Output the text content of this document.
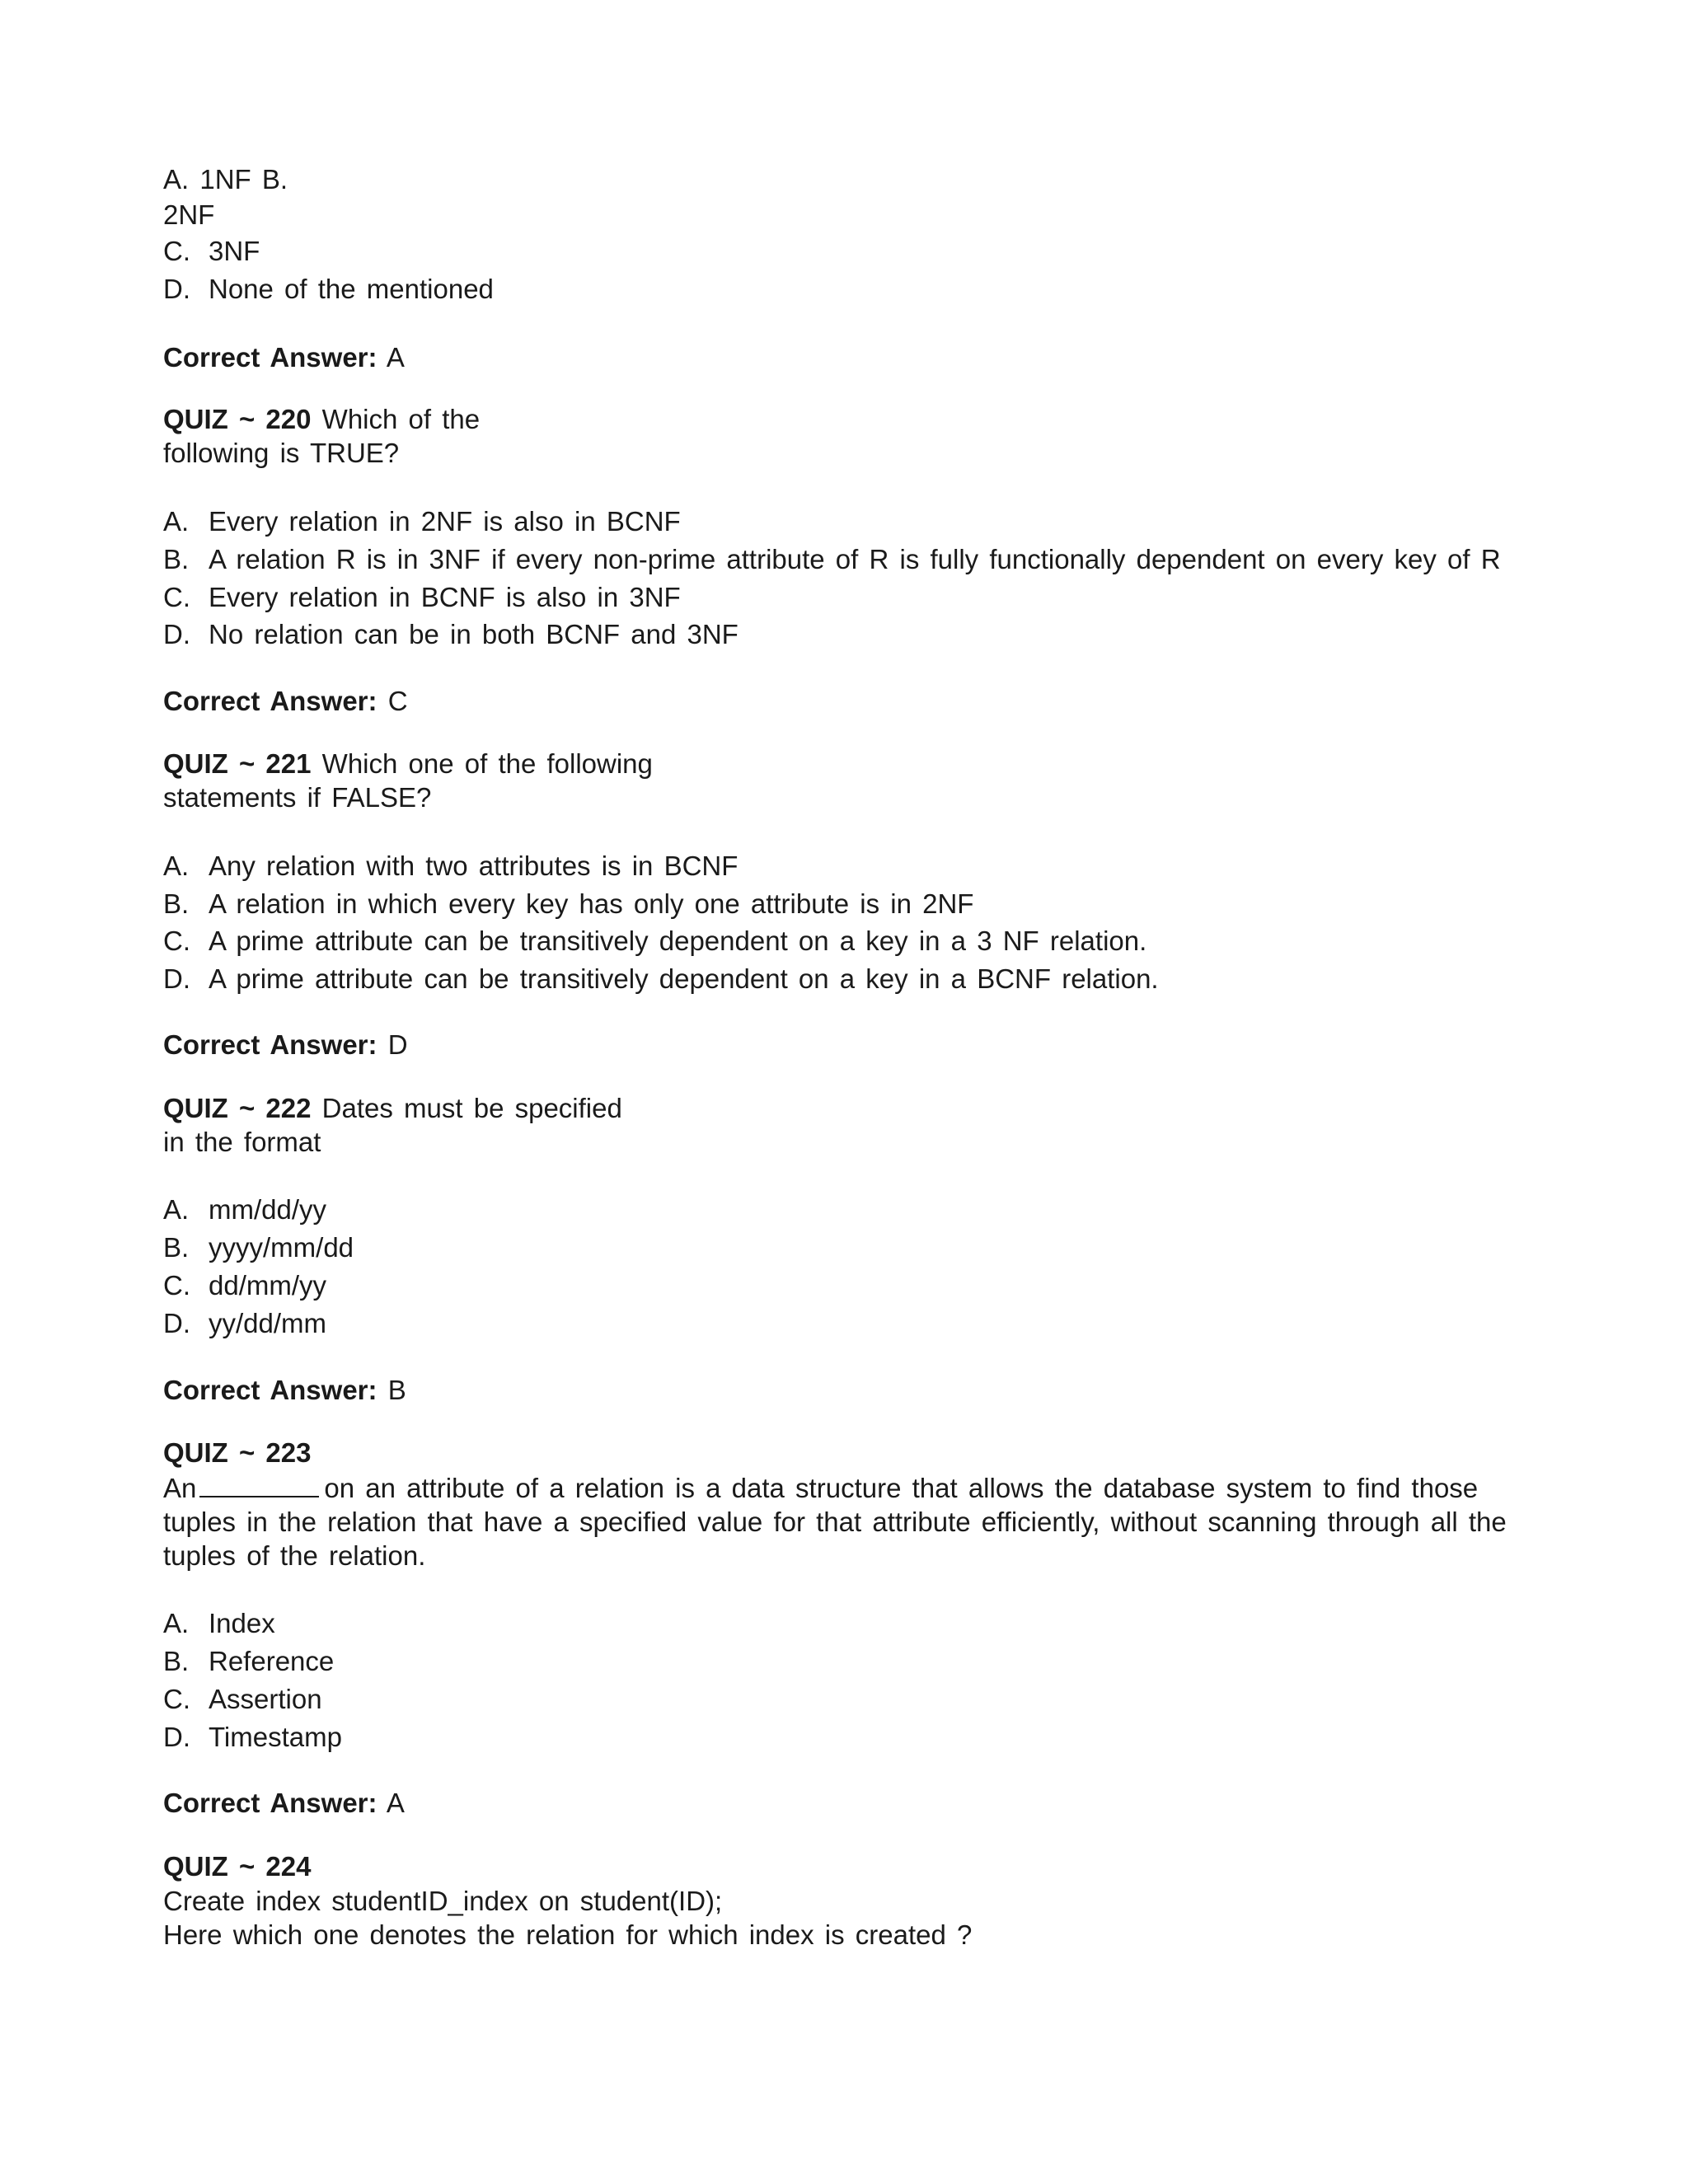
A. 1NF B.
2NF
C. 3NF
D. None of the mentioned
Correct Answer: A
QUIZ ~ 220 Which of the
following is TRUE?
A. Every relation in 2NF is also in BCNF
B. A relation R is in 3NF if every non-prime attribute of R is fully functionally dependent on every key of R
C. Every relation in BCNF is also in 3NF
D. No relation can be in both BCNF and 3NF
Correct Answer: C
QUIZ ~ 221 Which one of the following
statements if FALSE?
A. Any relation with two attributes is in BCNF
B. A relation in which every key has only one attribute is in 2NF
C. A prime attribute can be transitively dependent on a key in a 3 NF relation.
D. A prime attribute can be transitively dependent on a key in a BCNF relation.
Correct Answer: D
QUIZ ~ 222 Dates must be specified
in the format
A. mm/dd/yy
B. yyyy/mm/dd
C. dd/mm/yy
D. yy/dd/mm
Correct Answer: B
QUIZ ~ 223
An	on an attribute of a relation is a data structure that allows the database system to find those
tuples in the relation that have a specified value for that attribute efficiently, without scanning through all the
tuples of the relation.
A. Index
B. Reference
C. Assertion
D. Timestamp
Correct Answer: A
QUIZ ~ 224
Create index studentID_index on student(ID);
Here which one denotes the relation for which index is created ?
